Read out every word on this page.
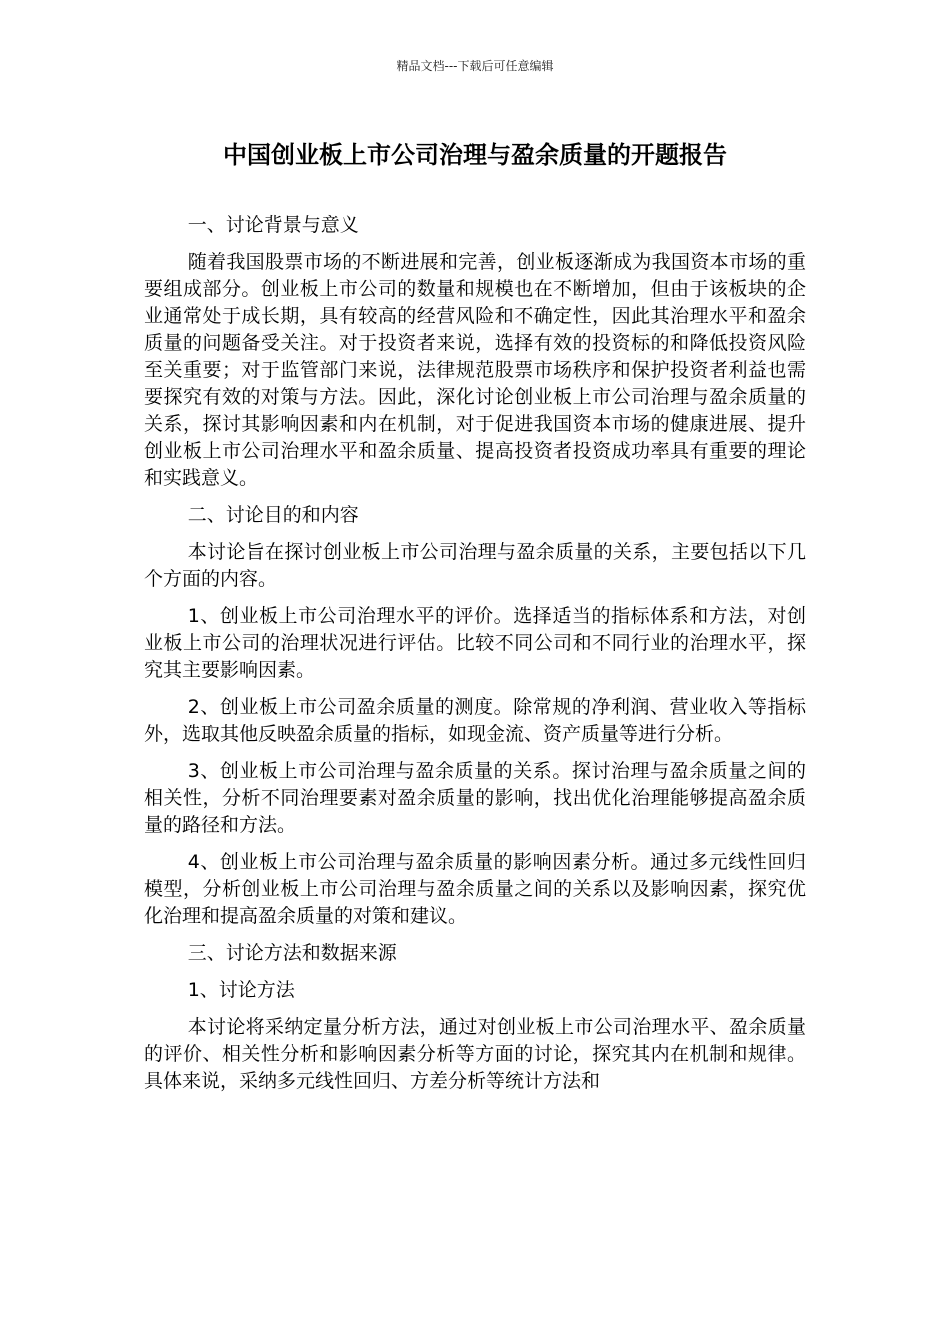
精品文档---下载后可任意编辑
中国创业板上市公司治理与盈余质量的开题报告

一、讨论背景与意义

随着我国股票市场的不断进展和完善，创业板逐渐成为我国资本市场的重要组成部分。创业板上市公司的数量和规模也在不断增加，但由于该板块的企业通常处于成长期，具有较高的经营风险和不确定性，因此其治理水平和盈余质量的问题备受关注。对于投资者来说，选择有效的投资标的和降低投资风险至关重要；对于监管部门来说，法律规范股票市场秩序和保护投资者利益也需要探究有效的对策与方法。因此，深化讨论创业板上市公司治理与盈余质量的关系，探讨其影响因素和内在机制，对于促进我国资本市场的健康进展、提升创业板上市公司治理水平和盈余质量、提高投资者投资成功率具有重要的理论和实践意义。

二、讨论目的和内容

本讨论旨在探讨创业板上市公司治理与盈余质量的关系，主要包括以下几个方面的内容。

1、创业板上市公司治理水平的评价。选择适当的指标体系和方法，对创业板上市公司的治理状况进行评估。比较不同公司和不同行业的治理水平，探究其主要影响因素。

2、创业板上市公司盈余质量的测度。除常规的净利润、营业收入等指标外，选取其他反映盈余质量的指标，如现金流、资产质量等进行分析。

3、创业板上市公司治理与盈余质量的关系。探讨治理与盈余质量之间的相关性，分析不同治理要素对盈余质量的影响，找出优化治理能够提高盈余质量的路径和方法。

4、创业板上市公司治理与盈余质量的影响因素分析。通过多元线性回归模型，分析创业板上市公司治理与盈余质量之间的关系以及影响因素，探究优化治理和提高盈余质量的对策和建议。

三、讨论方法和数据来源

1、讨论方法

本讨论将采纳定量分析方法，通过对创业板上市公司治理水平、盈余质量的评价、相关性分析和影响因素分析等方面的讨论，探究其内在机制和规律。具体来说，采纳多元线性回归、方差分析等统计方法和
